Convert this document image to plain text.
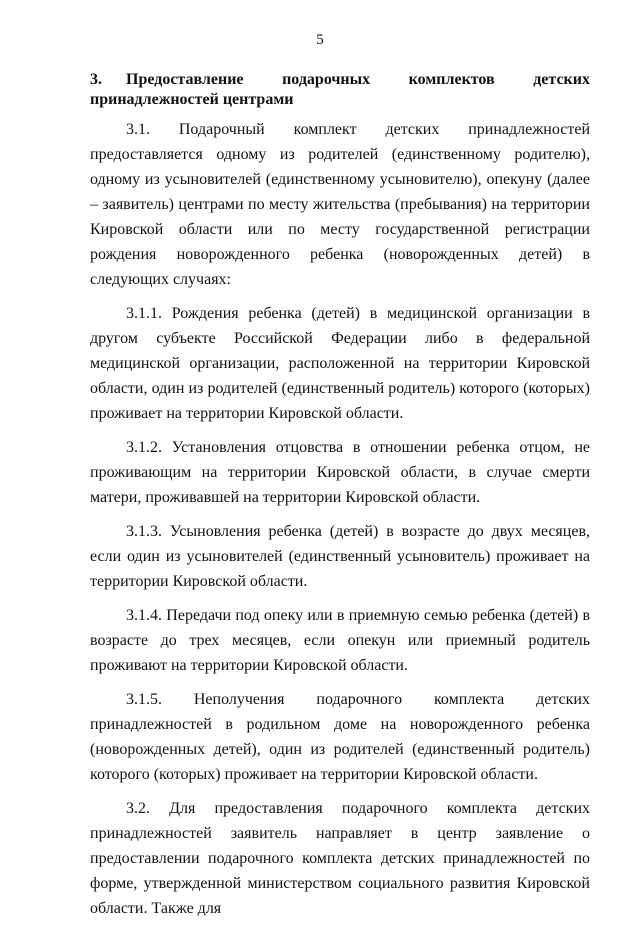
5
3. Предоставление подарочных комплектов детских принадлежностей центрами

3.1. Подарочный комплект детских принадлежностей предоставляется одному из родителей (единственному родителю), одному из усыновителей (единственному усыновителю), опекуну (далее – заявитель) центрами по месту жительства (пребывания) на территории Кировской области или по месту государственной регистрации рождения новорожденного ребенка (новорожденных детей) в следующих случаях:

3.1.1. Рождения ребенка (детей) в медицинской организации в другом субъекте Российской Федерации либо в федеральной медицинской организации, расположенной на территории Кировской области, один из родителей (единственный родитель) которого (которых) проживает на территории Кировской области.

3.1.2. Установления отцовства в отношении ребенка отцом, не проживающим на территории Кировской области, в случае смерти матери, проживавшей на территории Кировской области.

3.1.3. Усыновления ребенка (детей) в возрасте до двух месяцев, если один из усыновителей (единственный усыновитель) проживает на территории Кировской области.

3.1.4. Передачи под опеку или в приемную семью ребенка (детей) в возрасте до трех месяцев, если опекун или приемный родитель проживают на территории Кировской области.

3.1.5. Неполучения подарочного комплекта детских принадлежностей в родильном доме на новорожденного ребенка (новорожденных детей), один из родителей (единственный родитель) которого (которых) проживает на территории Кировской области.

3.2. Для предоставления подарочного комплекта детских принадлежностей заявитель направляет в центр заявление о предоставлении подарочного комплекта детских принадлежностей по форме, утвержденной министерством социального развития Кировской области. Также для
